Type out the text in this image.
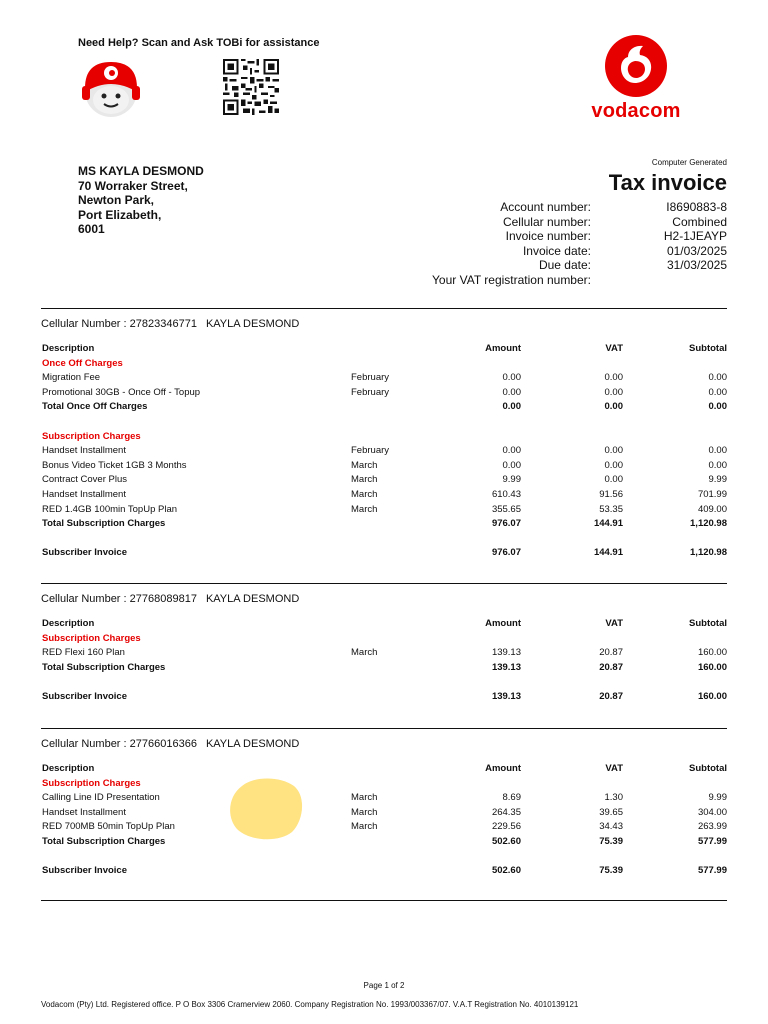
Need Help? Scan and Ask TOBi for assistance
vodacom
MS KAYLA DESMOND
70 Worraker Street,
Newton Park,
Port Elizabeth,
6001
Computer Generated
Tax invoice
Account number:	I8690883-8
Cellular number:	Combined
Invoice number:	H2-1JEAYP
Invoice date:	01/03/2025
Due date:	31/03/2025
Your VAT registration number:
Cellular Number : 27823346771 KAYLA DESMOND
Description	Amount	VAT	Subtotal
Once Off Charges
Migration Fee	February	0.00	0.00	0.00
Promotional 30GB - Once Off - Topup	February	0.00	0.00	0.00
Total Once Off Charges	0.00	0.00	0.00
Subscription Charges
Handset Installment	February	0.00	0.00	0.00
Bonus Video Ticket 1GB 3 Months	March	0.00	0.00	0.00
Contract Cover Plus	March	9.99	0.00	9.99
Handset Installment	March	610.43	91.56	701.99
RED 1.4GB 100min TopUp Plan	March	355.65	53.35	409.00
Total Subscription Charges	976.07	144.91	1,120.98
Subscriber Invoice	976.07	144.91	1,120.98
Cellular Number : 27768089817 KAYLA DESMOND
Description	Amount	VAT	Subtotal
Subscription Charges
RED Flexi 160 Plan	March	139.13	20.87	160.00
Total Subscription Charges	139.13	20.87	160.00
Subscriber Invoice	139.13	20.87	160.00
Cellular Number : 27766016366 KAYLA DESMOND
Description	Amount	VAT	Subtotal
Subscription Charges
Calling Line ID Presentation	March	8.69	1.30	9.99
Handset Installment	March	264.35	39.65	304.00
RED 700MB 50min TopUp Plan	March	229.56	34.43	263.99
Total Subscription Charges	502.60	75.39	577.99
Subscriber Invoice	502.60	75.39	577.99
Page 1 of 2
Vodacom (Pty) Ltd. Registered office. P O Box 3306 Cramerview 2060. Company Registration No. 1993/003367/07. V.A.T Registration No. 4010139121
